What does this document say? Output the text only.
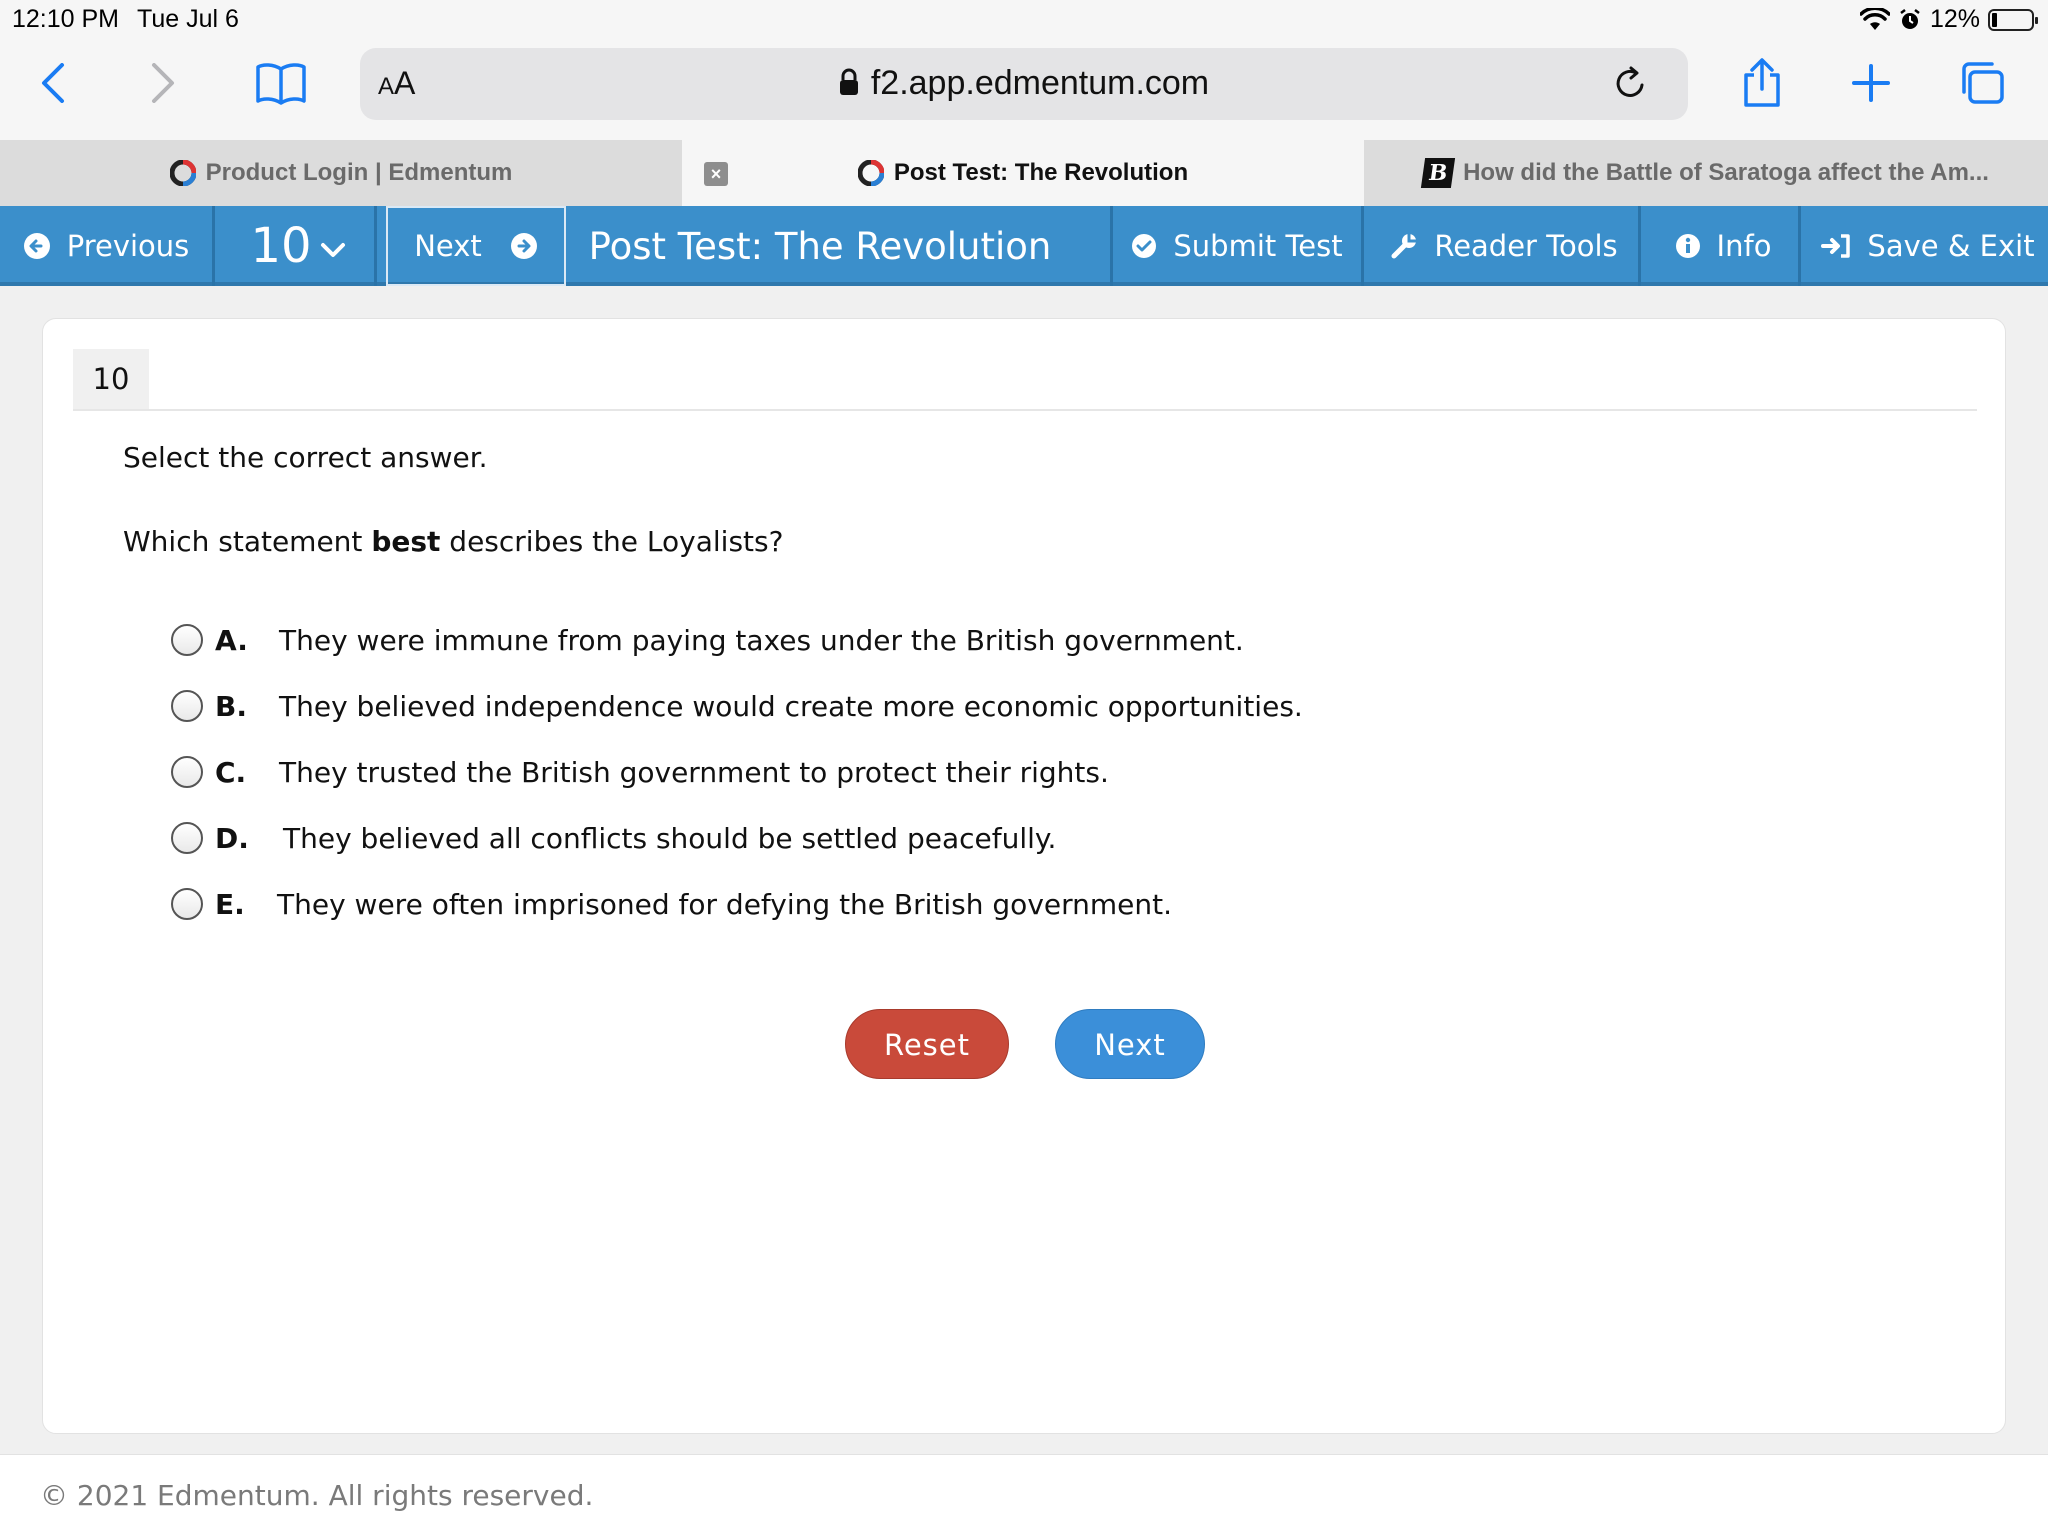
12:10 PM Tue Jul 6	12%
AA	f2.app.edmentum.com
Product Login | Edmentum	×	Post Test: The Revolution	B How did the Battle of Saratoga affect the Am...
Previous 10	Next	Post Test: The Revolution	Submit Test	Reader Tools	Info	Save & Exit
10
Select the correct answer.
Which statement best describes the Loyalists?
A.	They were immune from paying taxes under the British government.
B.	They believed independence would create more economic opportunities.
C.	They trusted the British government to protect their rights.
D.	They believed all conflicts should be settled peacefully.
E.	They were often imprisoned for defying the British government.
Reset	Next
© 2021 Edmentum. All rights reserved.
